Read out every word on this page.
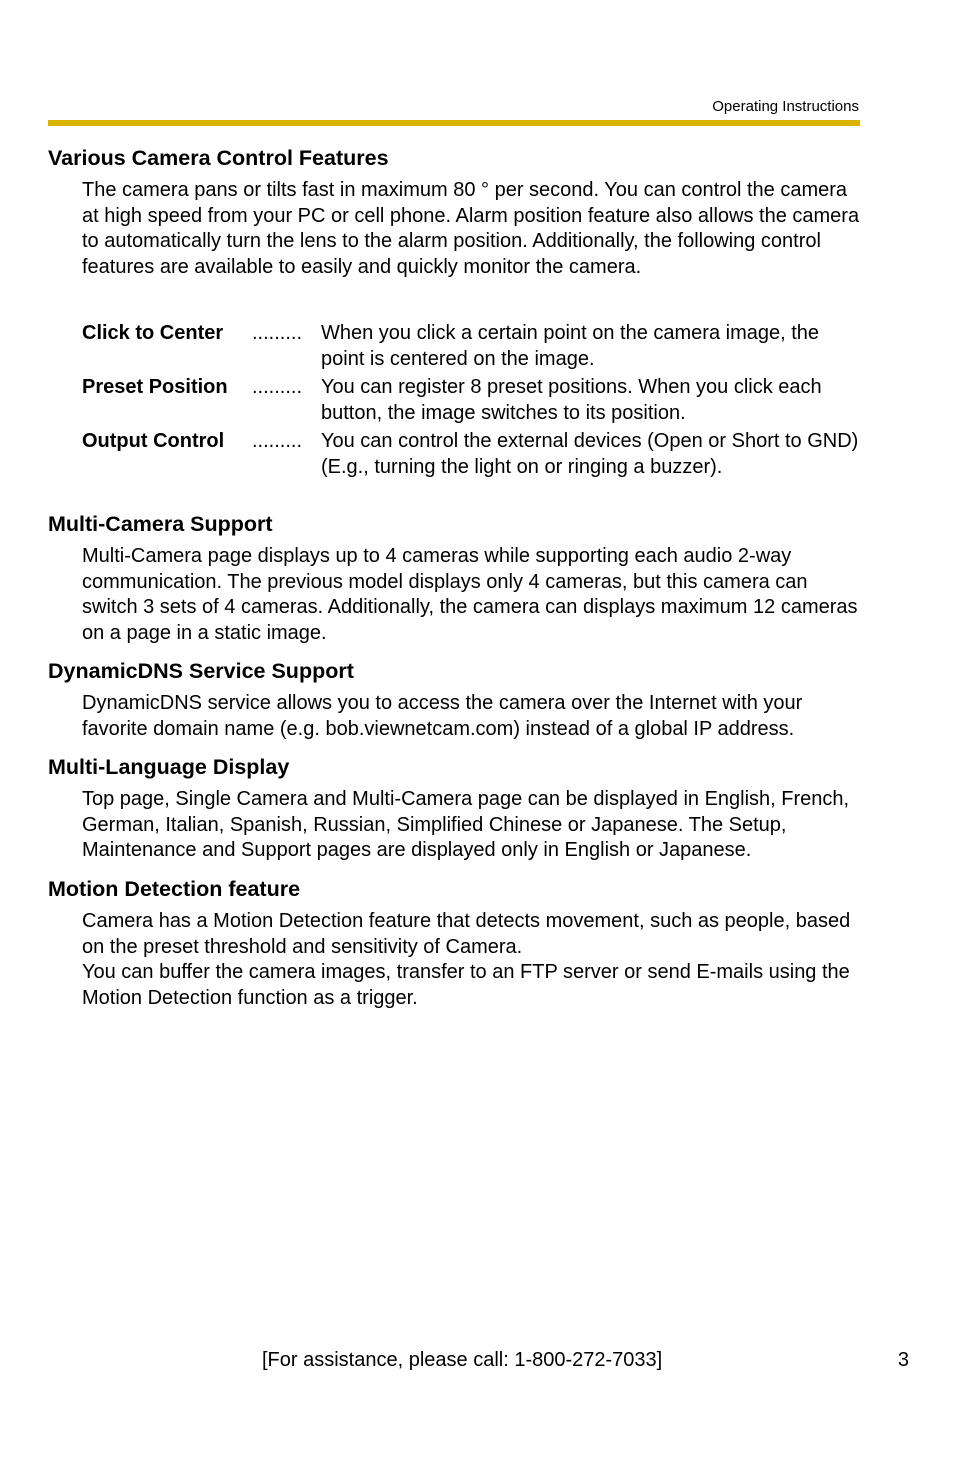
Operating Instructions
Various Camera Control Features

The camera pans or tilts fast in maximum 80 ° per second. You can control the camera at high speed from your PC or cell phone. Alarm position feature also allows the camera to automatically turn the lens to the alarm position. Additionally, the following control features are available to easily and quickly monitor the camera.

Click to Center	......... When you click a certain point on the camera image, the point is centered on the image.
Preset Position	......... You can register 8 preset positions. When you click each button, the image switches to its position.
Output Control	......... You can control the external devices (Open or Short to GND) (E.g., turning the light on or ringing a buzzer).
Multi-Camera Support

Multi-Camera page displays up to 4 cameras while supporting each audio 2-way communication. The previous model displays only 4 cameras, but this camera can switch 3 sets of 4 cameras. Additionally, the camera can displays maximum 12 cameras on a page in a static image.

DynamicDNS Service Support

DynamicDNS service allows you to access the camera over the Internet with your favorite domain name (e.g. bob.viewnetcam.com) instead of a global IP address.

Multi-Language Display

Top page, Single Camera and Multi-Camera page can be displayed in English, French, German, Italian, Spanish, Russian, Simplified Chinese or Japanese. The Setup, Maintenance and Support pages are displayed only in English or Japanese.

Motion Detection feature

Camera has a Motion Detection feature that detects movement, such as people, based on the preset threshold and sensitivity of Camera.

You can buffer the camera images, transfer to an FTP server or send E-mails using the Motion Detection function as a trigger.

[For assistance, please call: 1-800-272-7033]	3
